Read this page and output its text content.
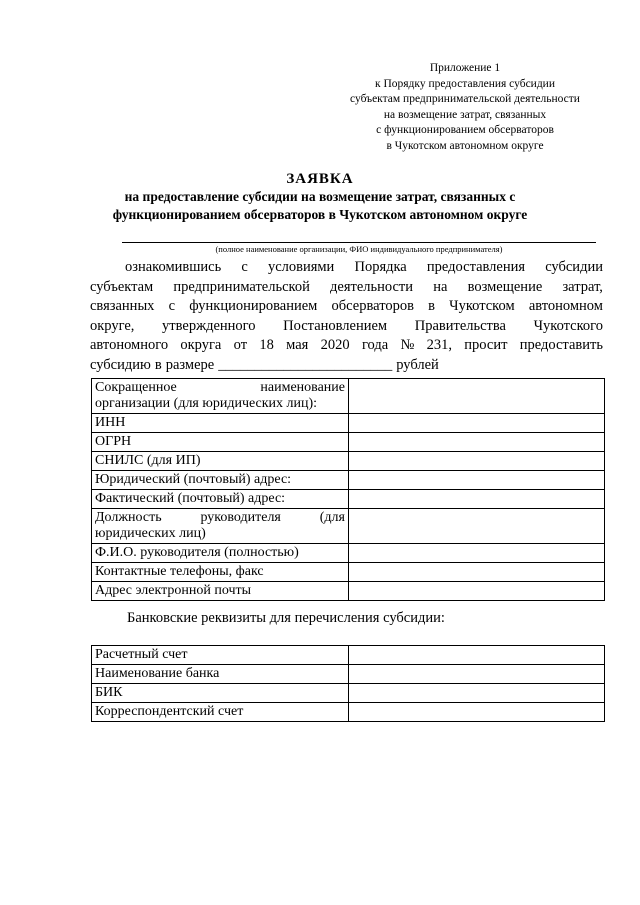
Приложение 1
к Порядку предоставления субсидии
субъектам предпринимательской деятельности
на возмещение затрат, связанных
с функционированием обсерваторов
в Чукотском автономном округе
ЗАЯВКА
на предоставление субсидии на возмещение затрат, связанных с
функционированием обсерваторов в Чукотском автономном округе
(полное наименование организации, ФИО индивидуального предпринимателя)
ознакомившись с условиями Порядка предоставления субсидии
субъектам предпринимательской деятельности на возмещение затрат,
связанных с функционированием обсерваторов в Чукотском автономном
округе, утвержденного Постановлением Правительства Чукотского
автономного округа от 18 мая 2020 года № 231, просит предоставить
субсидию в размере ________________________ рублей
Сокращенное наименование
организации (для юридических лиц):	

ИНН	

ОГРН	

СНИЛС (для ИП)	

Юридический (почтовый) адрес:	

Фактический (почтовый) адрес:	

Должность руководителя (для
юридических лиц)	

Ф.И.О. руководителя (полностью)	

Контактные телефоны, факс	

Адрес электронной почты	

Банковские реквизиты для перечисления субсидии:
Расчетный счет	
Наименование банка	
БИК	
Корреспондентский счет	
